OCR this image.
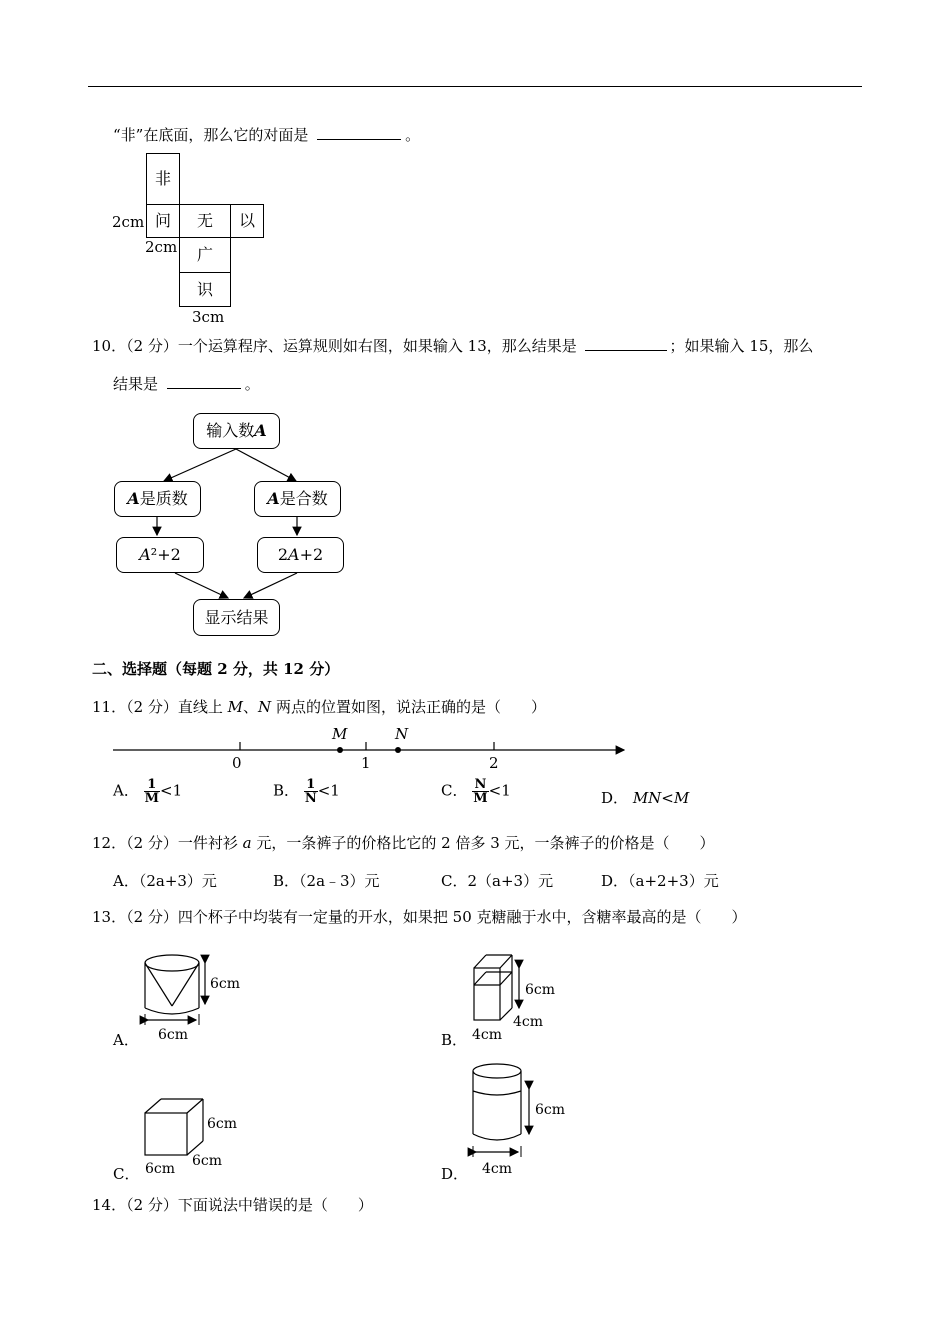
“非”在底面，那么它的对面是	。
非
问	无	以
广
识
2cm
2cm
3cm
10．（2 分）一个运算程序、运算规则如右图，如果输入 13，那么结果是	；如果输入 15，那么
结果是	。
输入数A
A是质数	A是合数
A²+2	2A+2
显示结果
二、选择题（每题 2 分，共 12 分）
11．（2 分）直线上 M、N 两点的位置如图，说法正确的是（　　）
0	1	2
M	N
A． $\frac{1}{M} <1$	B． $\frac{1}{N} <1$	C． $\frac{N}{M} <1$	D． MN<M
12．（2 分）一件衬衫 a 元，一条裤子的价格比它的 2 倍多 3 元，一条裤子的价格是（　　）
A．（2a+3）元	B．（2a﹣3）元	C．2（a+3）元	D．（a+2+3）元
13．（2 分）四个杯子中均装有一定量的开水，如果把 50 克糖融于水中，含糖率最高的是（　　）
6cm
6cm
A．
6cm
4cm
4cm
B．
6cm
6cm 6cm
C．
6cm
4cm
D．
14．（2 分）下面说法中错误的是（　　）
